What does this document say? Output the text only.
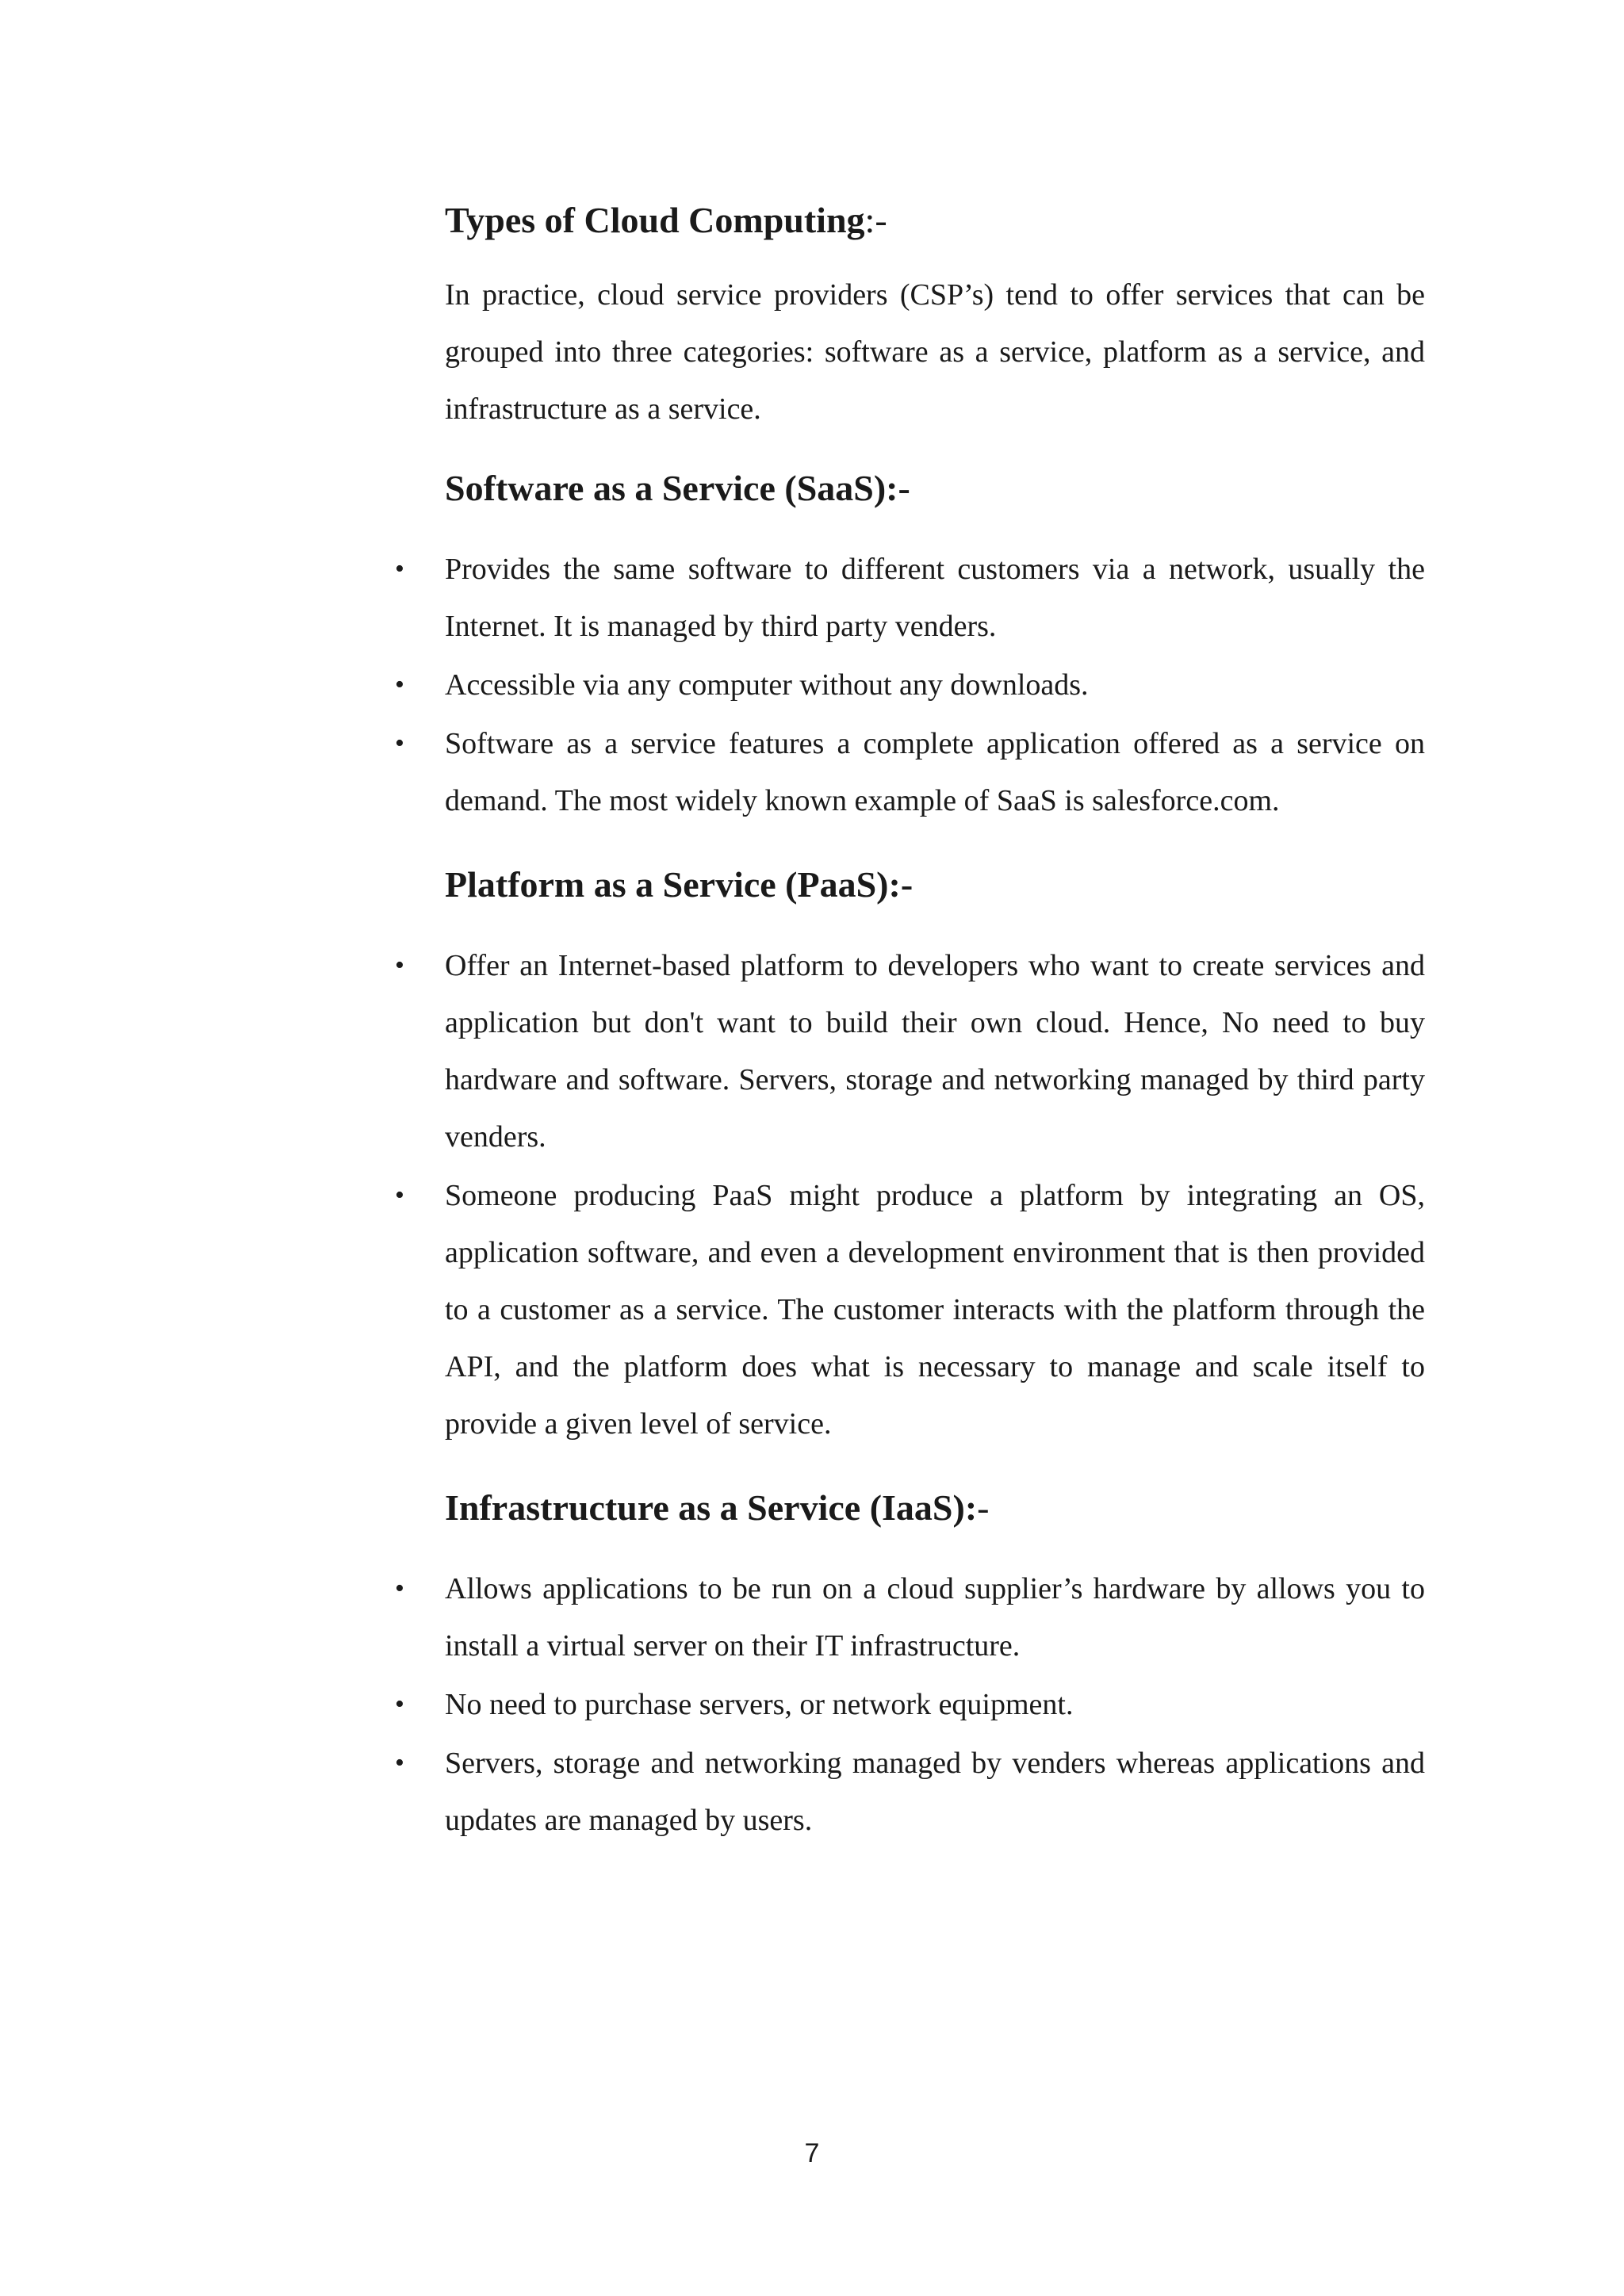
Types of Cloud Computing:-

In practice, cloud service providers (CSP’s) tend to offer services that can be grouped into three categories: software as a service, platform as a service, and infrastructure as a service.

Software as a Service (SaaS):-
• Provides the same software to different customers via a network, usually the Internet. It is managed by third party venders.
• Accessible via any computer without any downloads.
• Software as a service features a complete application offered as a service on demand. The most widely known example of SaaS is salesforce.com.
Platform as a Service (PaaS):-
• Offer an Internet-based platform to developers who want to create services and application but don't want to build their own cloud. Hence, No need to buy hardware and software. Servers, storage and networking managed by third party venders.
• Someone producing PaaS might produce a platform by integrating an OS, application software, and even a development environment that is then provided to a customer as a service. The customer interacts with the platform through the API, and the platform does what is necessary to manage and scale itself to provide a given level of service.
Infrastructure as a Service (IaaS):-
• Allows applications to be run on a cloud supplier’s hardware by allows you to install a virtual server on their IT infrastructure.
• No need to purchase servers, or network equipment.
• Servers, storage and networking managed by venders whereas applications and updates are managed by users.
7
